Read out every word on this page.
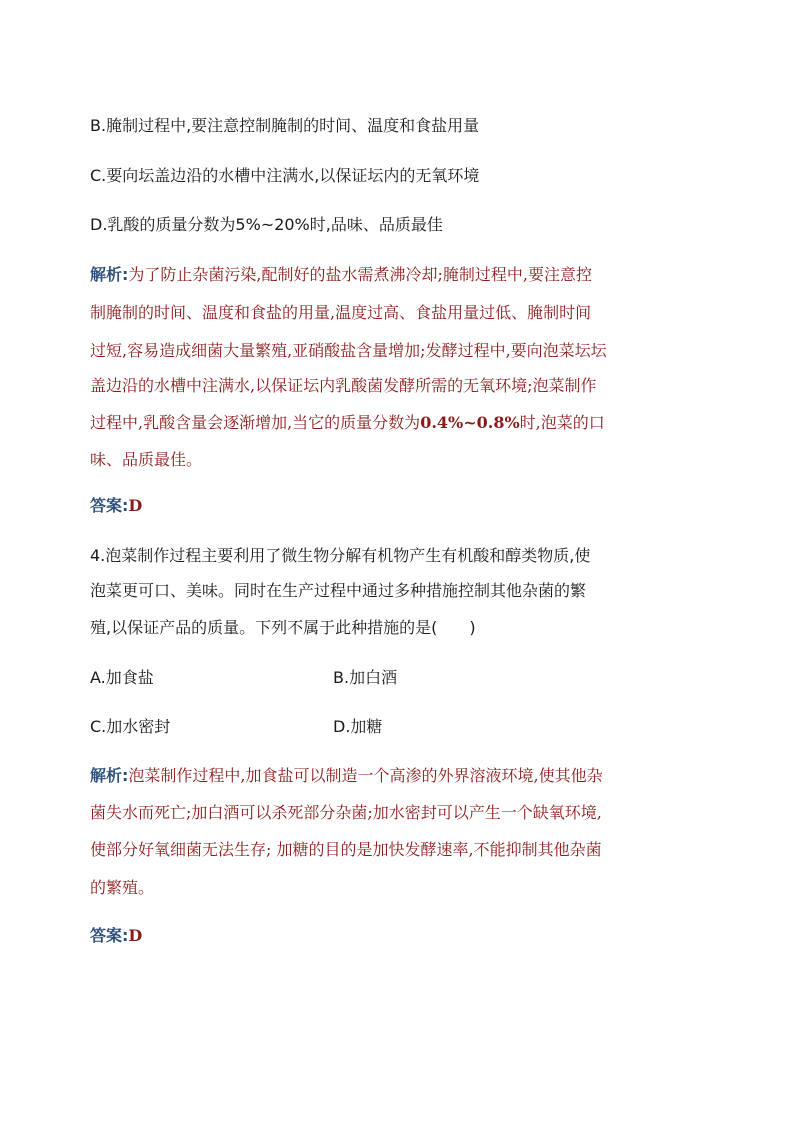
B.腌制过程中,要注意控制腌制的时间、温度和食盐用量
C.要向坛盖边沿的水槽中注满水,以保证坛内的无氧环境
D.乳酸的质量分数为5%~20%时,品味、品质最佳
解析:为了防止杂菌污染,配制好的盐水需煮沸冷却;腌制过程中,要注意控
制腌制的时间、温度和食盐的用量,温度过高、食盐用量过低、腌制时间
过短,容易造成细菌大量繁殖,亚硝酸盐含量增加;发酵过程中,要向泡菜坛坛
盖边沿的水槽中注满水,以保证坛内乳酸菌发酵所需的无氧环境;泡菜制作
过程中,乳酸含量会逐渐增加,当它的质量分数为0.4%~0.8%时,泡菜的口
味、品质最佳。
答案:D
4.泡菜制作过程主要利用了微生物分解有机物产生有机酸和醇类物质,使
泡菜更可口、美味。同时在生产过程中通过多种措施控制其他杂菌的繁
殖,以保证产品的质量。下列不属于此种措施的是(　　)
A.加食盐	B.加白酒
C.加水密封	D.加糖
解析:泡菜制作过程中,加食盐可以制造一个高渗的外界溶液环境,使其他杂
菌失水而死亡;加白酒可以杀死部分杂菌;加水密封可以产生一个缺氧环境,
使部分好氧细菌无法生存; 加糖的目的是加快发酵速率,不能抑制其他杂菌
的繁殖。
答案:D
